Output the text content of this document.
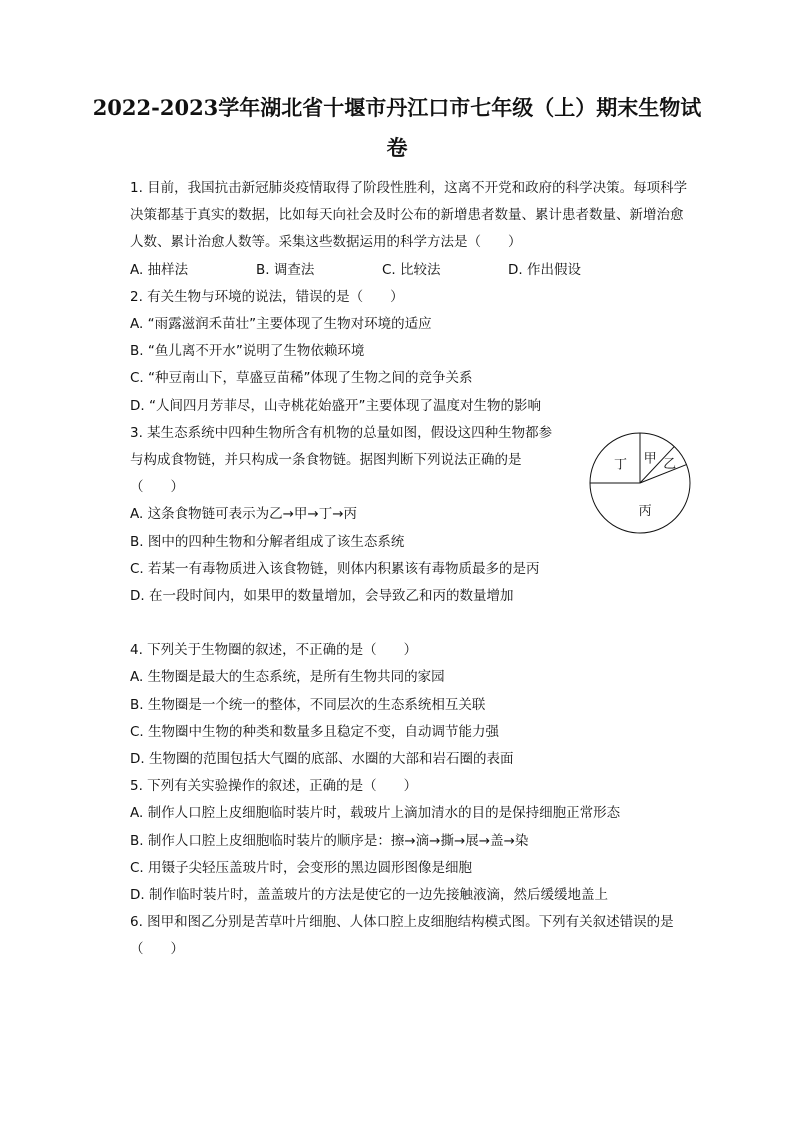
2022-2023学年湖北省十堰市丹江口市七年级（上）期末生物试
卷

1. 目前，我国抗击新冠肺炎疫情取得了阶段性胜利，这离不开党和政府的科学决策。每项科学决策都基于真实的数据，比如每天向社会及时公布的新增患者数量、累计患者数量、新增治愈人数、累计治愈人数等。采集这些数据运用的科学方法是（　　）

A. 抽样法	B. 调查法	C. 比较法	D. 作出假设

2. 有关生物与环境的说法，错误的是（　　）

A. “雨露滋润禾苗壮”主要体现了生物对环境的适应

B. “鱼儿离不开水”说明了生物依赖环境

C. “种豆南山下，草盛豆苗稀”体现了生物之间的竞争关系

D. “人间四月芳菲尽，山寺桃花始盛开”主要体现了温度对生物的影响

3. 某生态系统中四种生物所含有机物的总量如图，假设这四种生物都参与构成食物链，并只构成一条食物链。据图判断下列说法正确的是（　　）

A. 这条食物链可表示为乙→甲→丁→丙

B. 图中的四种生物和分解者组成了该生态系统

C. 若某一有毒物质进入该食物链，则体内积累该有毒物质最多的是丙

D. 在一段时间内，如果甲的数量增加，会导致乙和丙的数量增加

甲 乙
丙
丁

4. 下列关于生物圈的叙述，不正确的是（　　）

A. 生物圈是最大的生态系统，是所有生物共同的家园

B. 生物圈是一个统一的整体，不同层次的生态系统相互关联

C. 生物圈中生物的种类和数量多且稳定不变，自动调节能力强

D. 生物圈的范围包括大气圈的底部、水圈的大部和岩石圈的表面

5. 下列有关实验操作的叙述，正确的是（　　）

A. 制作人口腔上皮细胞临时装片时，载玻片上滴加清水的目的是保持细胞正常形态

B. 制作人口腔上皮细胞临时装片的顺序是：擦→滴→撕→展→盖→染

C. 用镊子尖轻压盖玻片时，会变形的黑边圆形图像是细胞

D. 制作临时装片时，盖盖玻片的方法是使它的一边先接触液滴，然后缓缓地盖上

6. 图甲和图乙分别是苦草叶片细胞、人体口腔上皮细胞结构模式图。下列有关叙述错误的是（　　）
